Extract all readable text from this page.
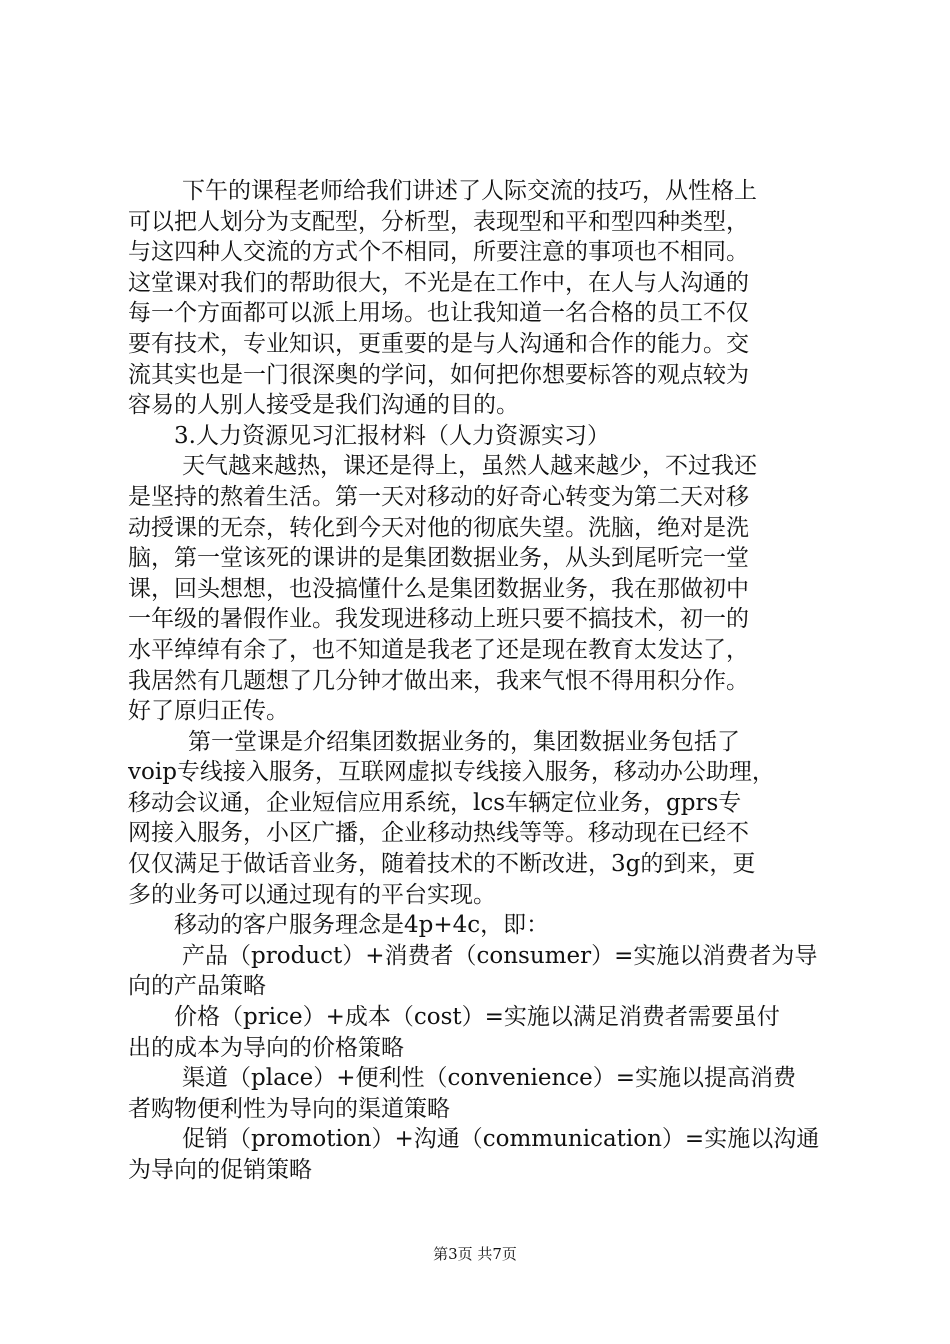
下午的课程老师给我们讲述了人际交流的技巧，从性格上
可以把人划分为支配型，分析型，表现型和平和型四种类型，
与这四种人交流的方式个不相同，所要注意的事项也不相同。
这堂课对我们的帮助很大，不光是在工作中，在人与人沟通的
每一个方面都可以派上用场。也让我知道一名合格的员工不仅
要有技术，专业知识，更重要的是与人沟通和合作的能力。交
流其实也是一门很深奥的学问，如何把你想要标答的观点较为
容易的人别人接受是我们沟通的目的。
3.人力资源见习汇报材料（人力资源实习）
天气越来越热，课还是得上，虽然人越来越少，不过我还
是坚持的熬着生活。第一天对移动的好奇心转变为第二天对移
动授课的无奈，转化到今天对他的彻底失望。洗脑，绝对是洗
脑，第一堂该死的课讲的是集团数据业务，从头到尾听完一堂
课，回头想想，也没搞懂什么是集团数据业务，我在那做初中
一年级的暑假作业。我发现进移动上班只要不搞技术，初一的
水平绰绰有余了，也不知道是我老了还是现在教育太发达了，
我居然有几题想了几分钟才做出来，我来气恨不得用积分作。
好了原归正传。
第一堂课是介绍集团数据业务的，集团数据业务包括了
voip专线接入服务，互联网虚拟专线接入服务，移动办公助理，
移动会议通，企业短信应用系统，lcs车辆定位业务，gprs专
网接入服务，小区广播，企业移动热线等等。移动现在已经不
仅仅满足于做话音业务，随着技术的不断改进，3g的到来，更
多的业务可以通过现有的平台实现。
移动的客户服务理念是4p+4c，即：
产品（product）+消费者（consumer）=实施以消费者为导
向的产品策略
价格（price）+成本（cost）=实施以满足消费者需要虽付
出的成本为导向的价格策略
渠道（place）+便利性（convenience）=实施以提高消费
者购物便利性为导向的渠道策略
促销（promotion）+沟通（communication）=实施以沟通
为导向的促销策略
第3页 共7页
